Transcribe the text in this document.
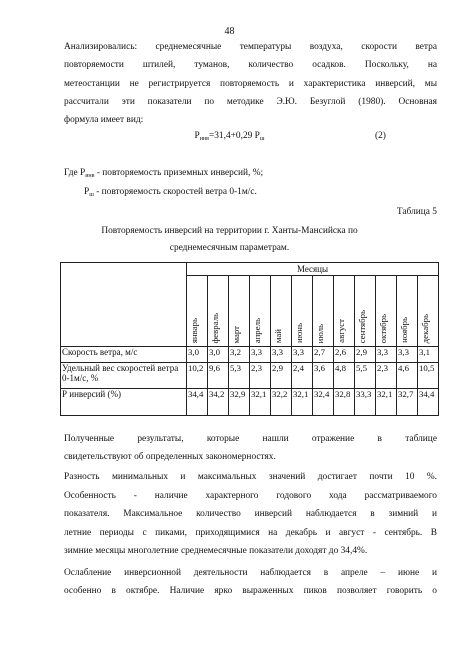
48
Анализировались: среднемесячные температуры воздуха, скорости ветра
повторяемости штилей, туманов, количество осадков. Поскольку, на
метеостанции не регистрируется повторяемость и характеристика инверсий, мы
рассчитали эти показатели по методике Э.Ю. Безуглой (1980). Основная
формула имеет вид:
$P_{инв}=31,4+0,29$ $P_ш$	(2)
Где $P_{инв}$ - повторяемость приземных инверсий, %;
$P_ш$ - повторяемость скоростей ветра 0-1м/с.
Таблица 5
Повторяемость инверсий на территории г. Ханты-Мансийска по
среднемесячным параметрам.
	Месяцы											
	январь	февраль	март	апрель	май	июнь	июль	август	сентябрь	октябрь	ноябрь	декабрь
Скорость ветра, м/с	3,0	3,0	3,2	3,3	3,3	3,3	2,7	2,6	2,9	3,3	3,3	3,1
Удельный вес скоростей ветра 0-1м/с, %	10,2	9,6	5,3	2,3	2,9	2,4	3,6	4,8	5,5	2,3	4,6	10,5
Р инверсий (%)	34,4	34,2	32,9	32,1	32,2	32,1	32,4	32,8	33,3	32,1	32,7	34,4
Полученные результаты, которые нашли отражение в таблице
свидетельствуют об определенных закономерностях.
Разность минимальных и максимальных значений достигает почти 10 %.
Особенность - наличие характерного годового хода рассматриваемого
показателя. Максимальное количество инверсий наблюдается в зимний и
летние периоды с пиками, приходящимися на декабрь и август - сентябрь. В
зимние месяцы многолетние среднемесячные показатели доходят до 34,4%.
Ослабление инверсионной деятельности наблюдается в апреле – июне и
особенно в октябре. Наличие ярко выраженных пиков позволяет говорить о
